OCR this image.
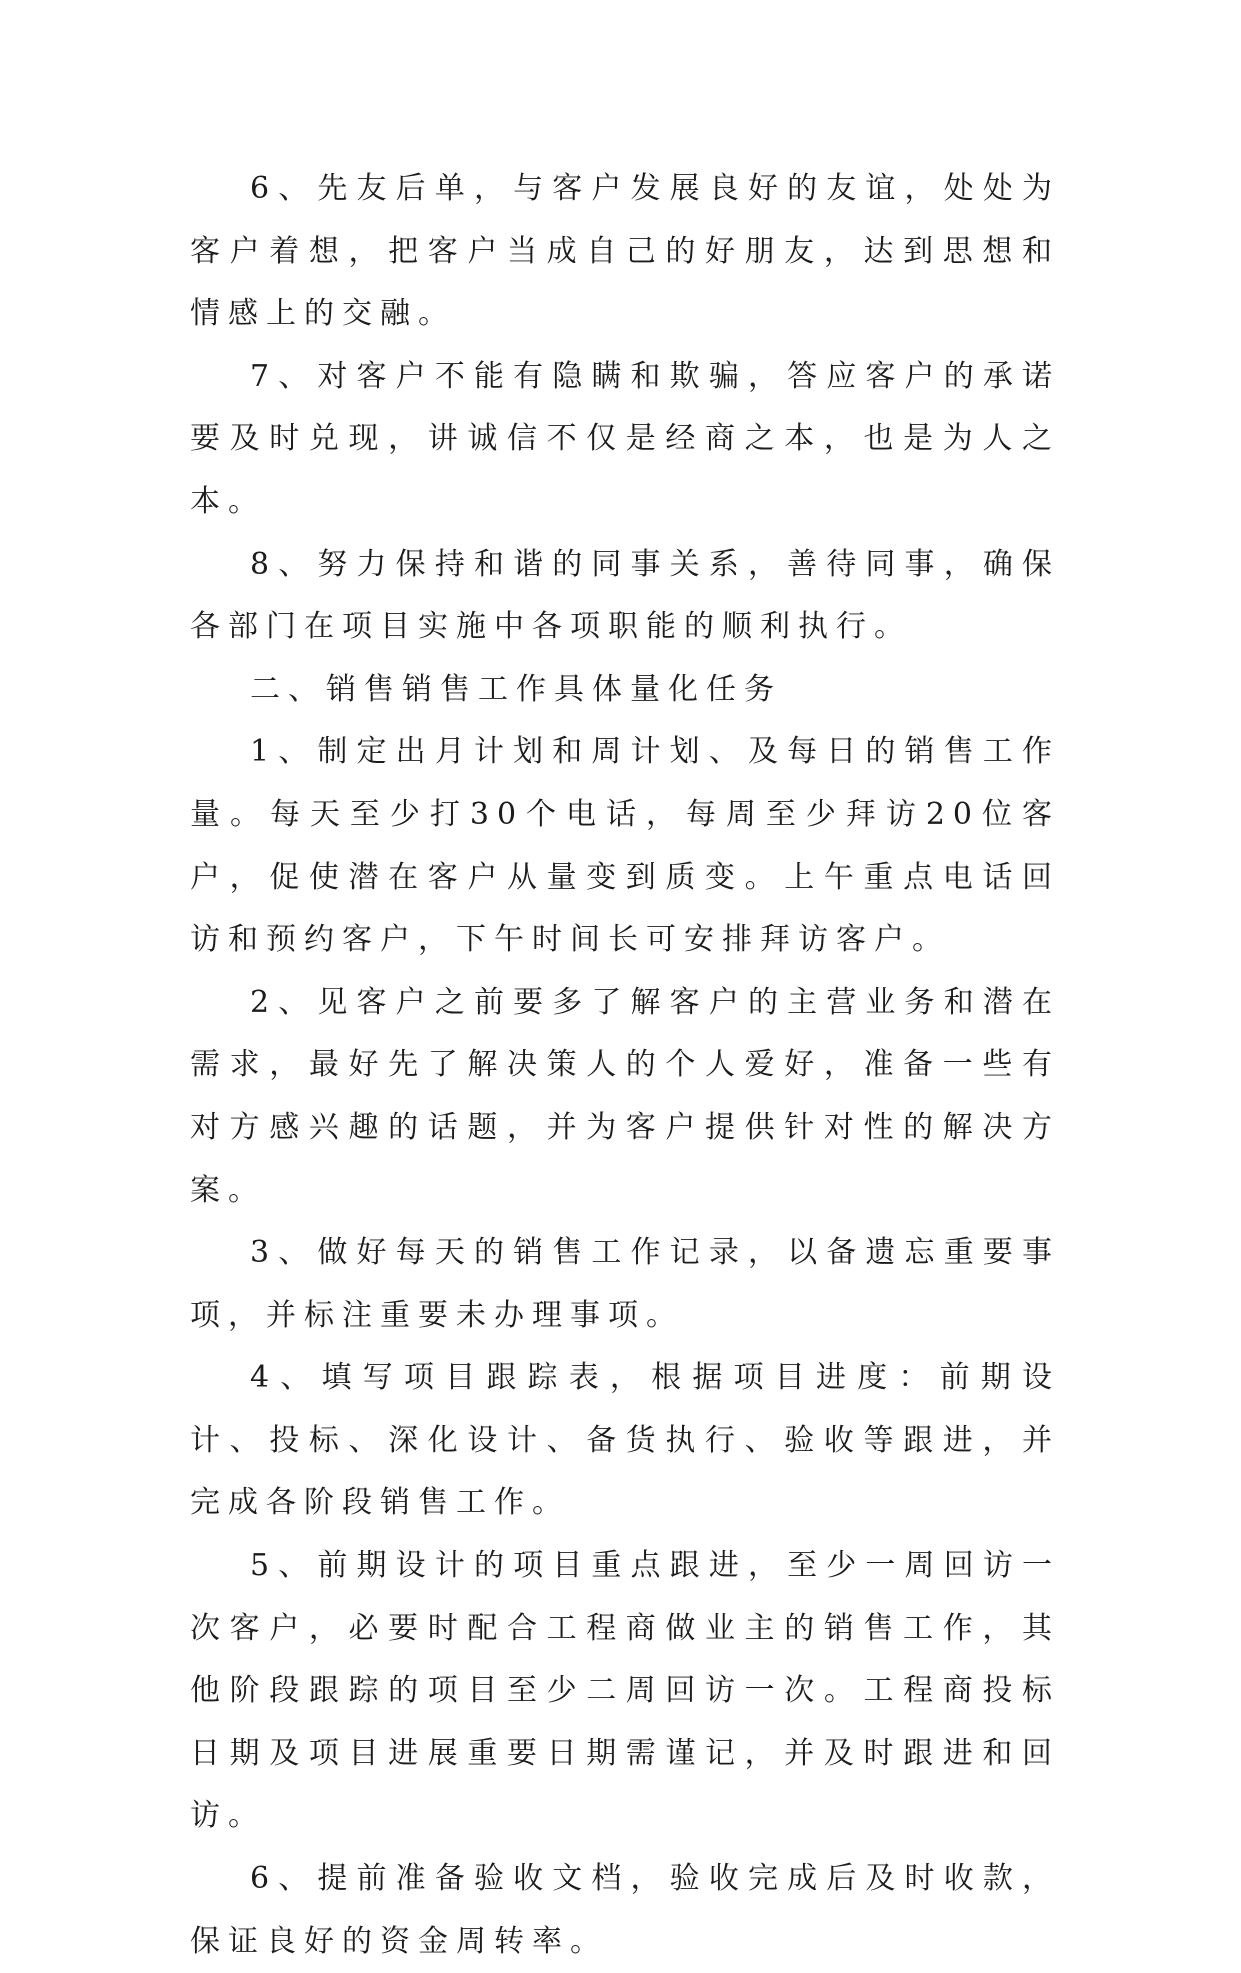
6、先友后单，与客户发展良好的友谊，处处为客户着想，把客户当成自己的好朋友，达到思想和情感上的交融。

7、对客户不能有隐瞒和欺骗，答应客户的承诺要及时兑现，讲诚信不仅是经商之本，也是为人之本。

8、努力保持和谐的同事关系，善待同事，确保各部门在项目实施中各项职能的顺利执行。

二、销售销售工作具体量化任务

1、制定出月计划和周计划、及每日的销售工作量。每天至少打30个电话，每周至少拜访20位客户，促使潜在客户从量变到质变。上午重点电话回访和预约客户，下午时间长可安排拜访客户。

2、见客户之前要多了解客户的主营业务和潜在需求，最好先了解决策人的个人爱好，准备一些有对方感兴趣的话题，并为客户提供针对性的解决方案。

3、做好每天的销售工作记录，以备遗忘重要事项，并标注重要未办理事项。

4、填写项目跟踪表，根据项目进度：前期设计、投标、深化设计、备货执行、验收等跟进，并完成各阶段销售工作。

5、前期设计的项目重点跟进，至少一周回访一次客户，必要时配合工程商做业主的销售工作，其他阶段跟踪的项目至少二周回访一次。工程商投标日期及项目进展重要日期需谨记，并及时跟进和回访。

6、提前准备验收文档，验收完成后及时收款，保证良好的资金周转率。
